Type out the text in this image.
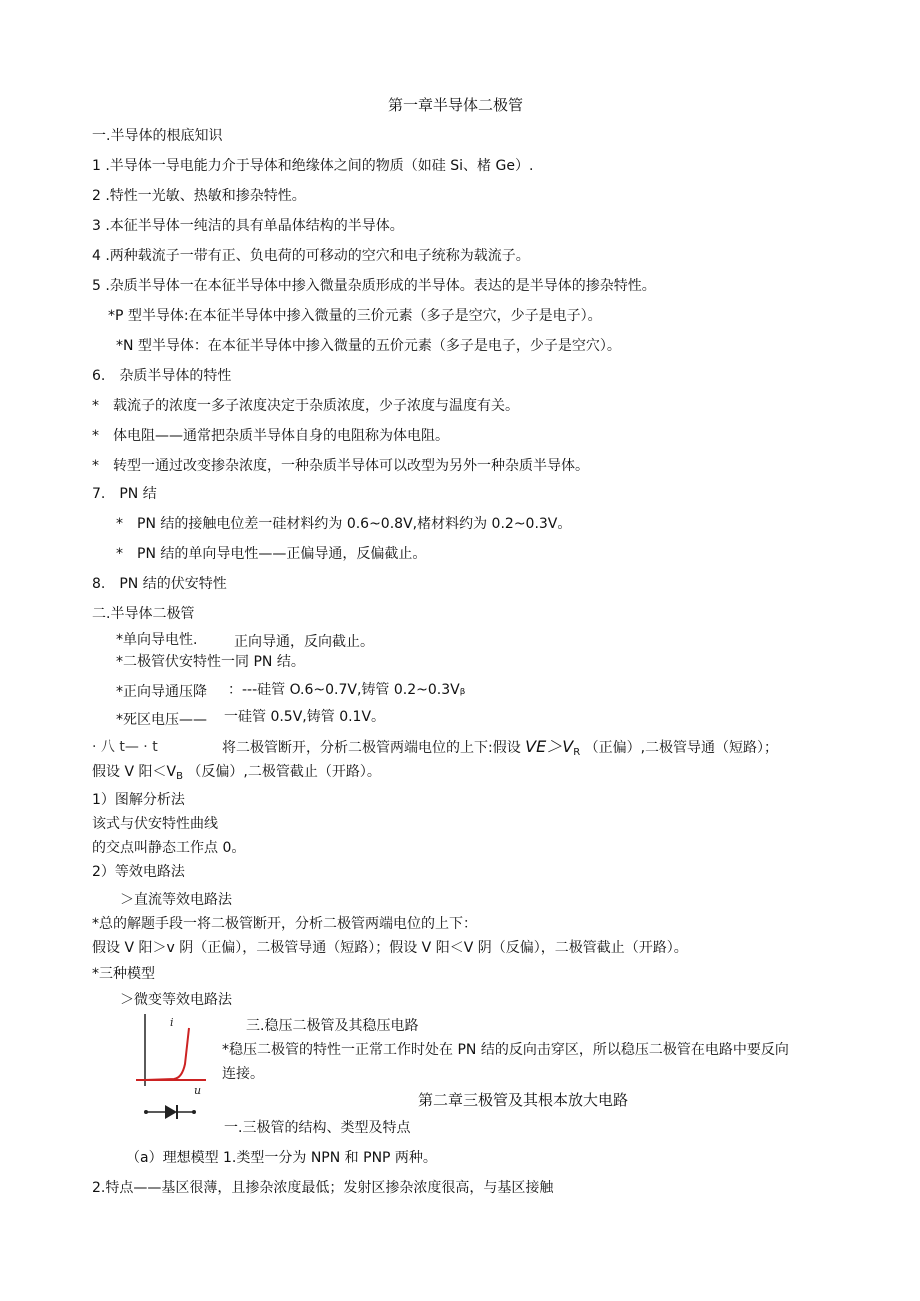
第一章半导体二极管
一.半导体的根底知识
1 .半导体一导电能力介于导体和绝缘体之间的物质（如硅 Si、楮 Ge）.
2 .特性一光敏、热敏和掺杂特性。
3 .本征半导体一纯洁的具有单晶体结构的半导体。
4 .两种载流子一带有正、负电荷的可移动的空穴和电子统称为载流子。
5 .杂质半导体一在本征半导体中掺入微量杂质形成的半导体。表达的是半导体的掺杂特性。
*P 型半导体:在本征半导体中掺入微量的三价元素（多子是空穴，少子是电子）。
*N 型半导体：在本征半导体中掺入微量的五价元素（多子是电子，少子是空穴）。
6.　杂质半导体的特性
*　载流子的浓度一多子浓度决定于杂质浓度，少子浓度与温度有关。
*　体电阻——通常把杂质半导体自身的电阻称为体电阻。
*　转型一通过改变掺杂浓度，一种杂质半导体可以改型为另外一种杂质半导体。
7.　PN 结
*　PN 结的接触电位差一硅材料约为 0.6~0.8V,楮材料约为 0.2~0.3V。
*　PN 结的单向导电性——正偏导通，反偏截止。
8.　PN 结的伏安特性
二.半导体二极管
*单向导电性.	正向导通，反向截止。
*二极管伏安特性一同 PN 结。
*正向导通压降 ：---硅管 O.6~0.7V,铸管 0.2~0.3Vᵦ
*死区电压—— 一硅管 0.5V,铸管 0.1V。
· 八 t— · t	将二极管断开，分析二极管两端电位的上下:假设 $VE>V_R$ （正偏）,二极管导通（短路）；
假设 V 阳$<V_B$ （反偏）,二极管截止（开路）。
1）图解分析法
该式与伏安特性曲线
的交点叫静态工作点 0。
2）等效电路法
＞直流等效电路法
*总的解题手段一将二极管断开，分析二极管两端电位的上下：
假设 V 阳＞v 阴（正偏），二极管导通（短路）；假设 V 阳＜V 阴（反偏），二极管截止（开路）。
*三种模型
＞微变等效电路法
i
u
三.稳压二极管及其稳压电路
*稳压二极管的特性一正常工作时处在 PN 结的反向击穿区，所以稳压二极管在电路中要反向
连接。
第二章三极管及其根本放大电路
一.三极管的结构、类型及特点
（a）理想模型 1.类型一分为 NPN 和 PNP 两种。
2.特点——基区很薄，且掺杂浓度最低；发射区掺杂浓度很高，与基区接触
